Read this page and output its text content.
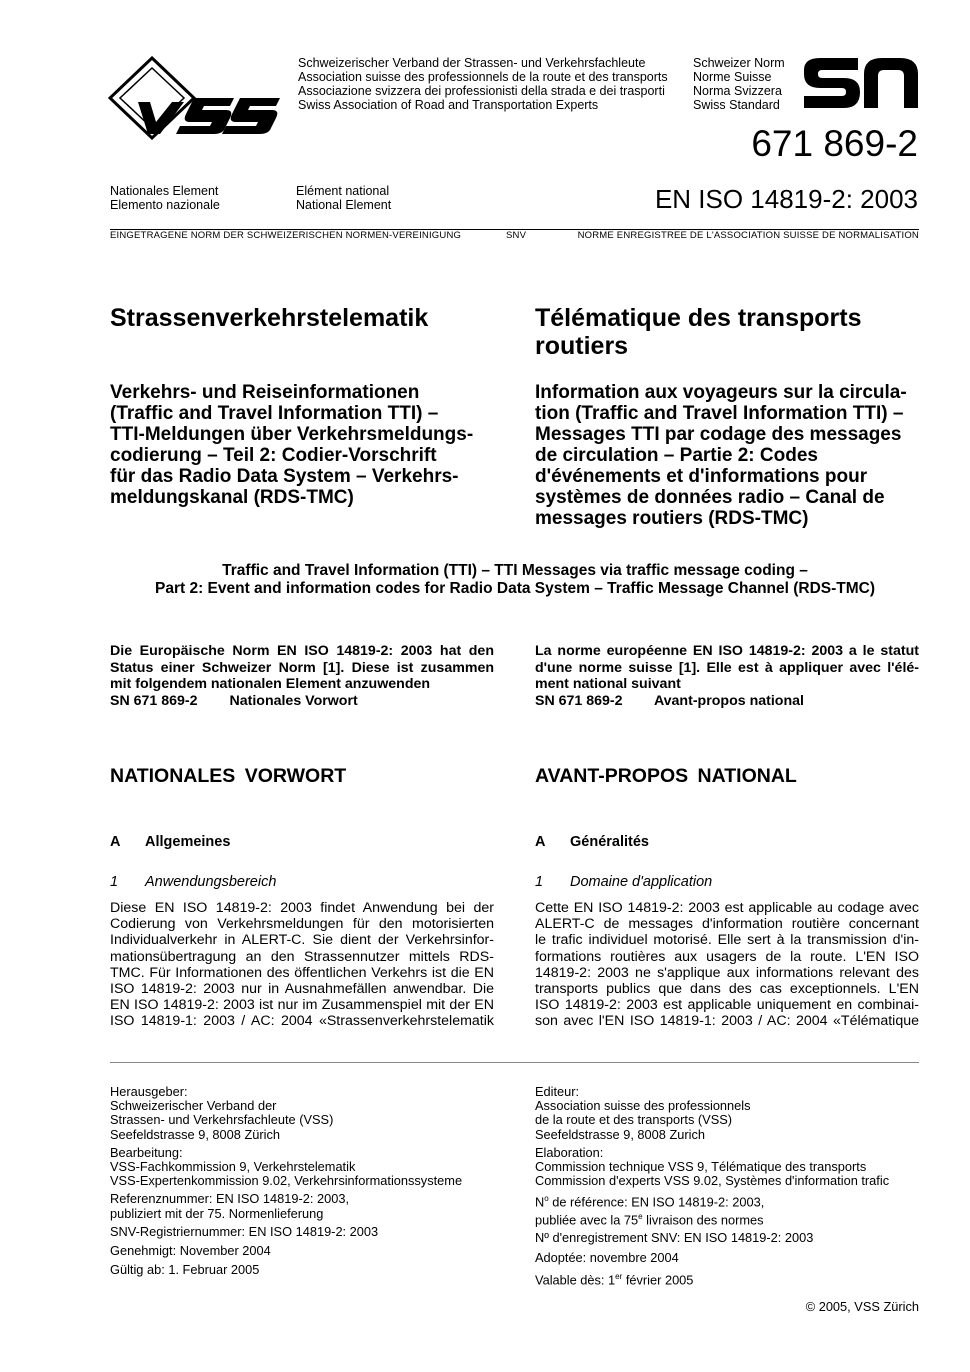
Schweizerischer Verband der Strassen- und Verkehrsfachleute
Association suisse des professionnels de la route et des transports
Associazione svizzera dei professionisti della strada e dei trasporti
Swiss Association of Road and Transportation Experts
Schweizer Norm
Norme Suisse
Norma Svizzera
Swiss Standard
671 869-2
Nationales Element
Elemento nazionale
Elément national
National Element	EN ISO 14819-2: 2003
EINGETRAGENE NORM DER SCHWEIZERISCHEN NORMEN-VEREINIGUNG	SNV	NORME ENREGISTREE DE L'ASSOCIATION SUISSE DE NORMALISATION
Strassenverkehrstelematik	Télématique des transports
routiers
Verkehrs- und Reiseinformationen
(Traffic and Travel Information TTI) –
TTI-Meldungen über Verkehrsmeldungs-
codierung – Teil 2: Codier-Vorschrift
für das Radio Data System – Verkehrs-
meldungskanal (RDS-TMC)
Information aux voyageurs sur la circula-
tion (Traffic and Travel Information TTI) –
Messages TTI par codage des messages
de circulation – Partie 2: Codes
d'événements et d'informations pour
systèmes de données radio – Canal de
messages routiers (RDS-TMC)
Traffic and Travel Information (TTI) – TTI Messages via traffic message coding –
Part 2: Event and information codes for Radio Data System – Traffic Message Channel (RDS-TMC)
Die Europäische Norm EN ISO 14819-2: 2003 hat den
Status einer Schweizer Norm [1]. Diese ist zusammen
mit folgendem nationalen Element anzuwenden
SN 671 869-2 Nationales Vorwort
La norme européenne EN ISO 14819-2: 2003 a le statut
d'une norme suisse [1]. Elle est à appliquer avec l'élé-
ment national suivant
SN 671 869-2 Avant-propos national
NATIONALES VORWORT	AVANT-PROPOS NATIONAL
A Allgemeines	A Généralités
1 Anwendungsbereich	1 Domaine d'application
Diese EN ISO 14819-2: 2003 findet Anwendung bei der
Codierung von Verkehrsmeldungen für den motorisierten
Individualverkehr in ALERT-C. Sie dient der Verkehrsinfor-
mationsübertragung an den Strassennutzer mittels RDS-
TMC. Für Informationen des öffentlichen Verkehrs ist die EN
ISO 14819-2: 2003 nur in Ausnahmefällen anwendbar. Die
EN ISO 14819-2: 2003 ist nur im Zusammenspiel mit der EN
ISO 14819-1: 2003 / AC: 2004 «Strassenverkehrstelematik
Cette EN ISO 14819-2: 2003 est applicable au codage avec
ALERT-C de messages d'information routière concernant
le trafic individuel motorisé. Elle sert à la transmission d'in-
formations routières aux usagers de la route. L'EN ISO
14819-2: 2003 ne s'applique aux informations relevant des
transports publics que dans des cas exceptionnels. L'EN
ISO 14819-2: 2003 est applicable uniquement en combinai-
son avec l'EN ISO 14819-1: 2003 / AC: 2004 «Télématique
Herausgeber:
Schweizerischer Verband der
Strassen- und Verkehrsfachleute (VSS)
Seefeldstrasse 9, 8008 Zürich
Bearbeitung:
VSS-Fachkommission 9, Verkehrstelematik
VSS-Expertenkommission 9.02, Verkehrsinformationssysteme
Referenznummer: EN ISO 14819-2: 2003,
publiziert mit der 75. Normenlieferung
SNV-Registriernummer: EN ISO 14819-2: 2003
Genehmigt: November 2004
Gültig ab: 1. Februar 2005
Editeur:
Association suisse des professionnels
de la route et des transports (VSS)
Seefeldstrasse 9, 8008 Zurich
Elaboration:
Commission technique VSS 9, Télématique des transports
Commission d'experts VSS 9.02, Systèmes d'information trafic
$N^o$ de référence: EN ISO 14819-2: 2003,
publiée avec la 75e livraison des normes
Nº d'enregistrement SNV: EN ISO 14819-2: 2003
Adoptée: novembre 2004
Valable dès: 1er février 2005
© 2005, VSS Zürich
